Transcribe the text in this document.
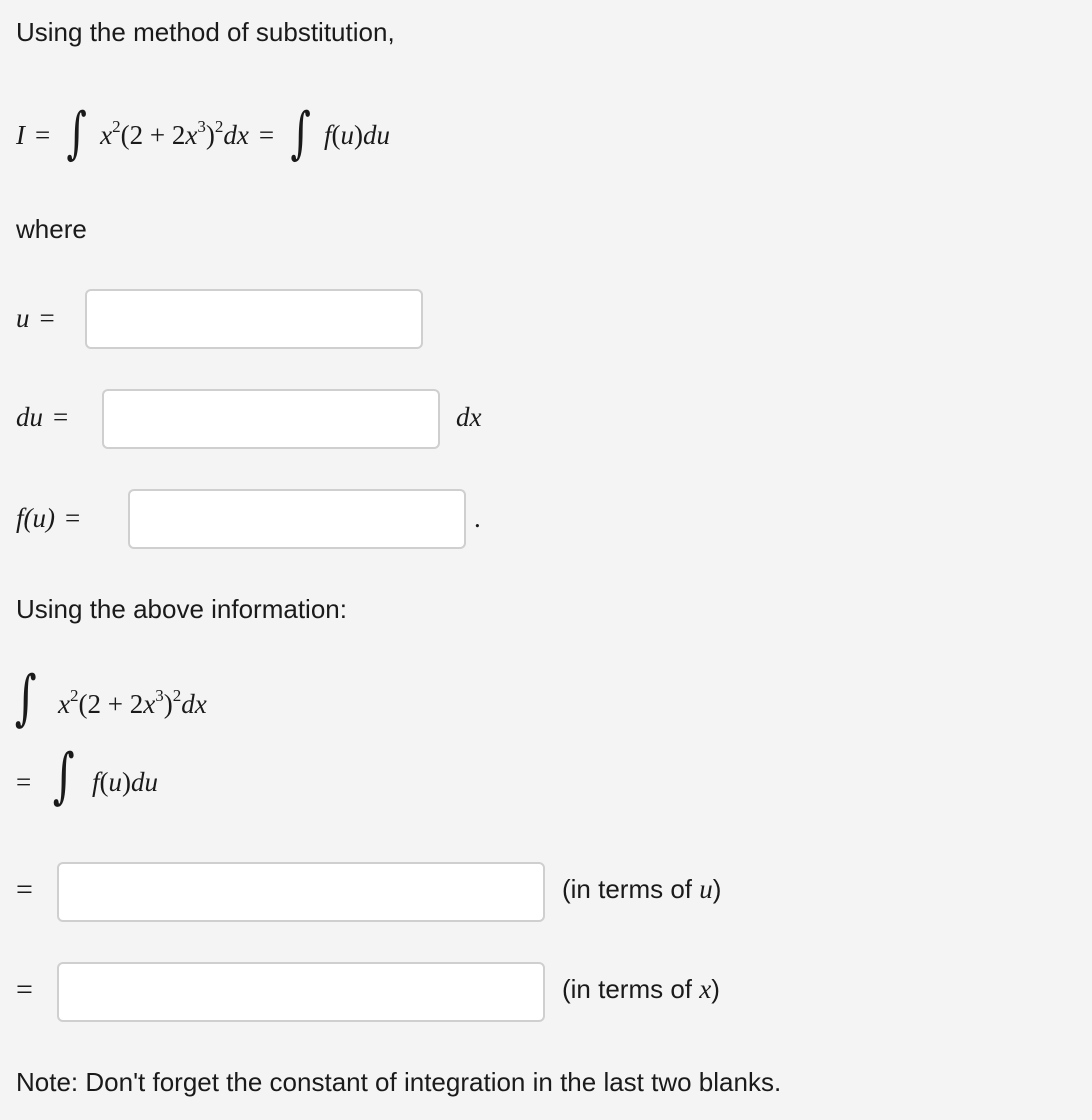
Using the method of substitution,
I = ∫ $x^2(2 + 2x^3)^2dx$ = ∫ f(u)du
where
u =
du =	dx
f(u) =	.
Using the above information:
∫ $x^2(2 + 2x^3)^2dx$
= ∫ f(u)du
=	(in terms of u)
=	(in terms of x)
Note: Don't forget the constant of integration in the last two blanks.
